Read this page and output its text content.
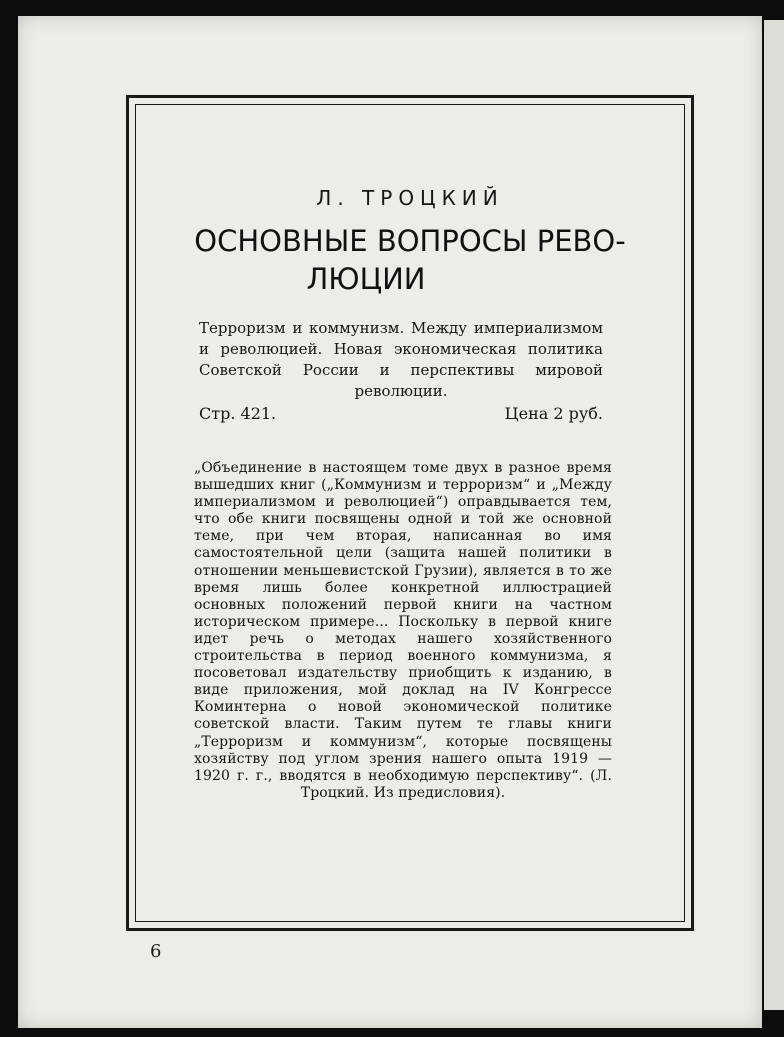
Л. ТРОЦКИЙ
ОСНОВНЫЕ ВОПРОСЫ РЕВО-
ЛЮЦИИ
Терроризм и коммунизм. Между империализмом и революцией. Новая экономическая политика Советской России и перспективы мировой революции.
Стр. 421.	Цена 2 руб.
„Объединение в настоящем томе двух в разное время вышедших книг („Коммунизм и терроризм“ и „Между империализмом и революцией“) оправдывается тем, что обе книги посвящены одной и той же основной теме, при чем вторая, написанная во имя самостоятельной цели (защита нашей политики в отношении меньшевистской Грузии), является в то же время лишь более конкретной иллюстрацией основных положений первой книги на частном историческом примере... Поскольку в первой книге идет речь о методах нашего хозяйственного строительства в период военного коммунизма, я посоветовал издательству приобщить к изданию, в виде приложения, мой доклад на IV Конгрессе Коминтерна о новой экономической политике советской власти. Таким путем те главы книги „Терроризм и коммунизм“, которые посвящены хозяйству под углом зрения нашего опыта 1919 — 1920 г. г., вводятся в необходимую перспективу“. (Л. Троцкий. Из предисловия).
6
